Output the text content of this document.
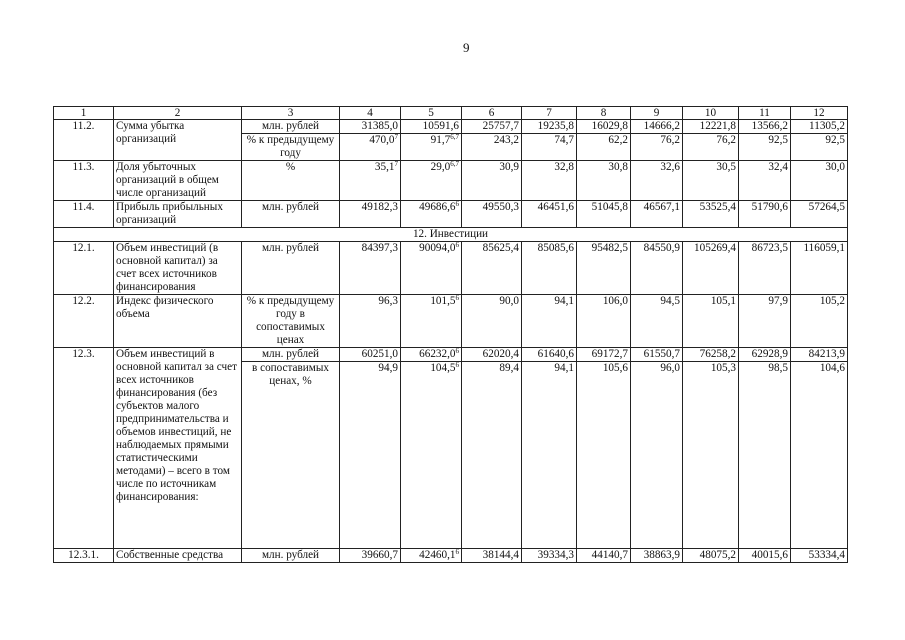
9
1	2	3	4	5	6	7	8	9	10	11	12
11.2.	Сумма убытка организаций	млн. рублей	31385,0	10591,6	25757,7	19235,8	16029,8	14666,2	12221,8	13566,2	11305,2
		% к предыдущему году	470,0$^7$	91,7$^{6,7}$	243,2	74,7	62,2	76,2	76,2	92,5	92,5
11.3.	Доля убыточных организаций в общем числе организаций	%	35,1$^7$	29,0$^{6,7}$	30,9	32,8	30,8	32,6	30,5	32,4	30,0
11.4.	Прибыль прибыльных организаций	млн. рублей	49182,3	49686,6$^6$	49550,3	46451,6	51045,8	46567,1	53525,4	51790,6	57264,5
12. Инвестиции											
12.1.	Объем инвестиций (в основной капитал) за счет всех источников финансирования	млн. рублей	84397,3	90094,0$^6$	85625,4	85085,6	95482,5	84550,9	105269,4	86723,5	116059,1
12.2.	Индекс физического объема	% к предыдущему году в сопоставимых ценах	96,3	101,5$^6$	90,0	94,1	106,0	94,5	105,1	97,9	105,2
12.3.	Объем инвестиций в основной капитал за счет всех источников финансирования (без субъектов малого предпринимательства и объемов инвестиций, не наблюдаемых прямыми статистическими методами) – всего в том числе по источникам финансирования:	млн. рублей	60251,0	66232,0$^6$	62020,4	61640,6	69172,7	61550,7	76258,2	62928,9	84213,9
		в сопоставимых ценах, %	94,9	104,5$^6$	89,4	94,1	105,6	96,0	105,3	98,5	104,6
12.3.1.	Собственные средства	млн. рублей	39660,7	42460,1$^6$	38144,4	39334,3	44140,7	38863,9	48075,2	40015,6	53334,4
